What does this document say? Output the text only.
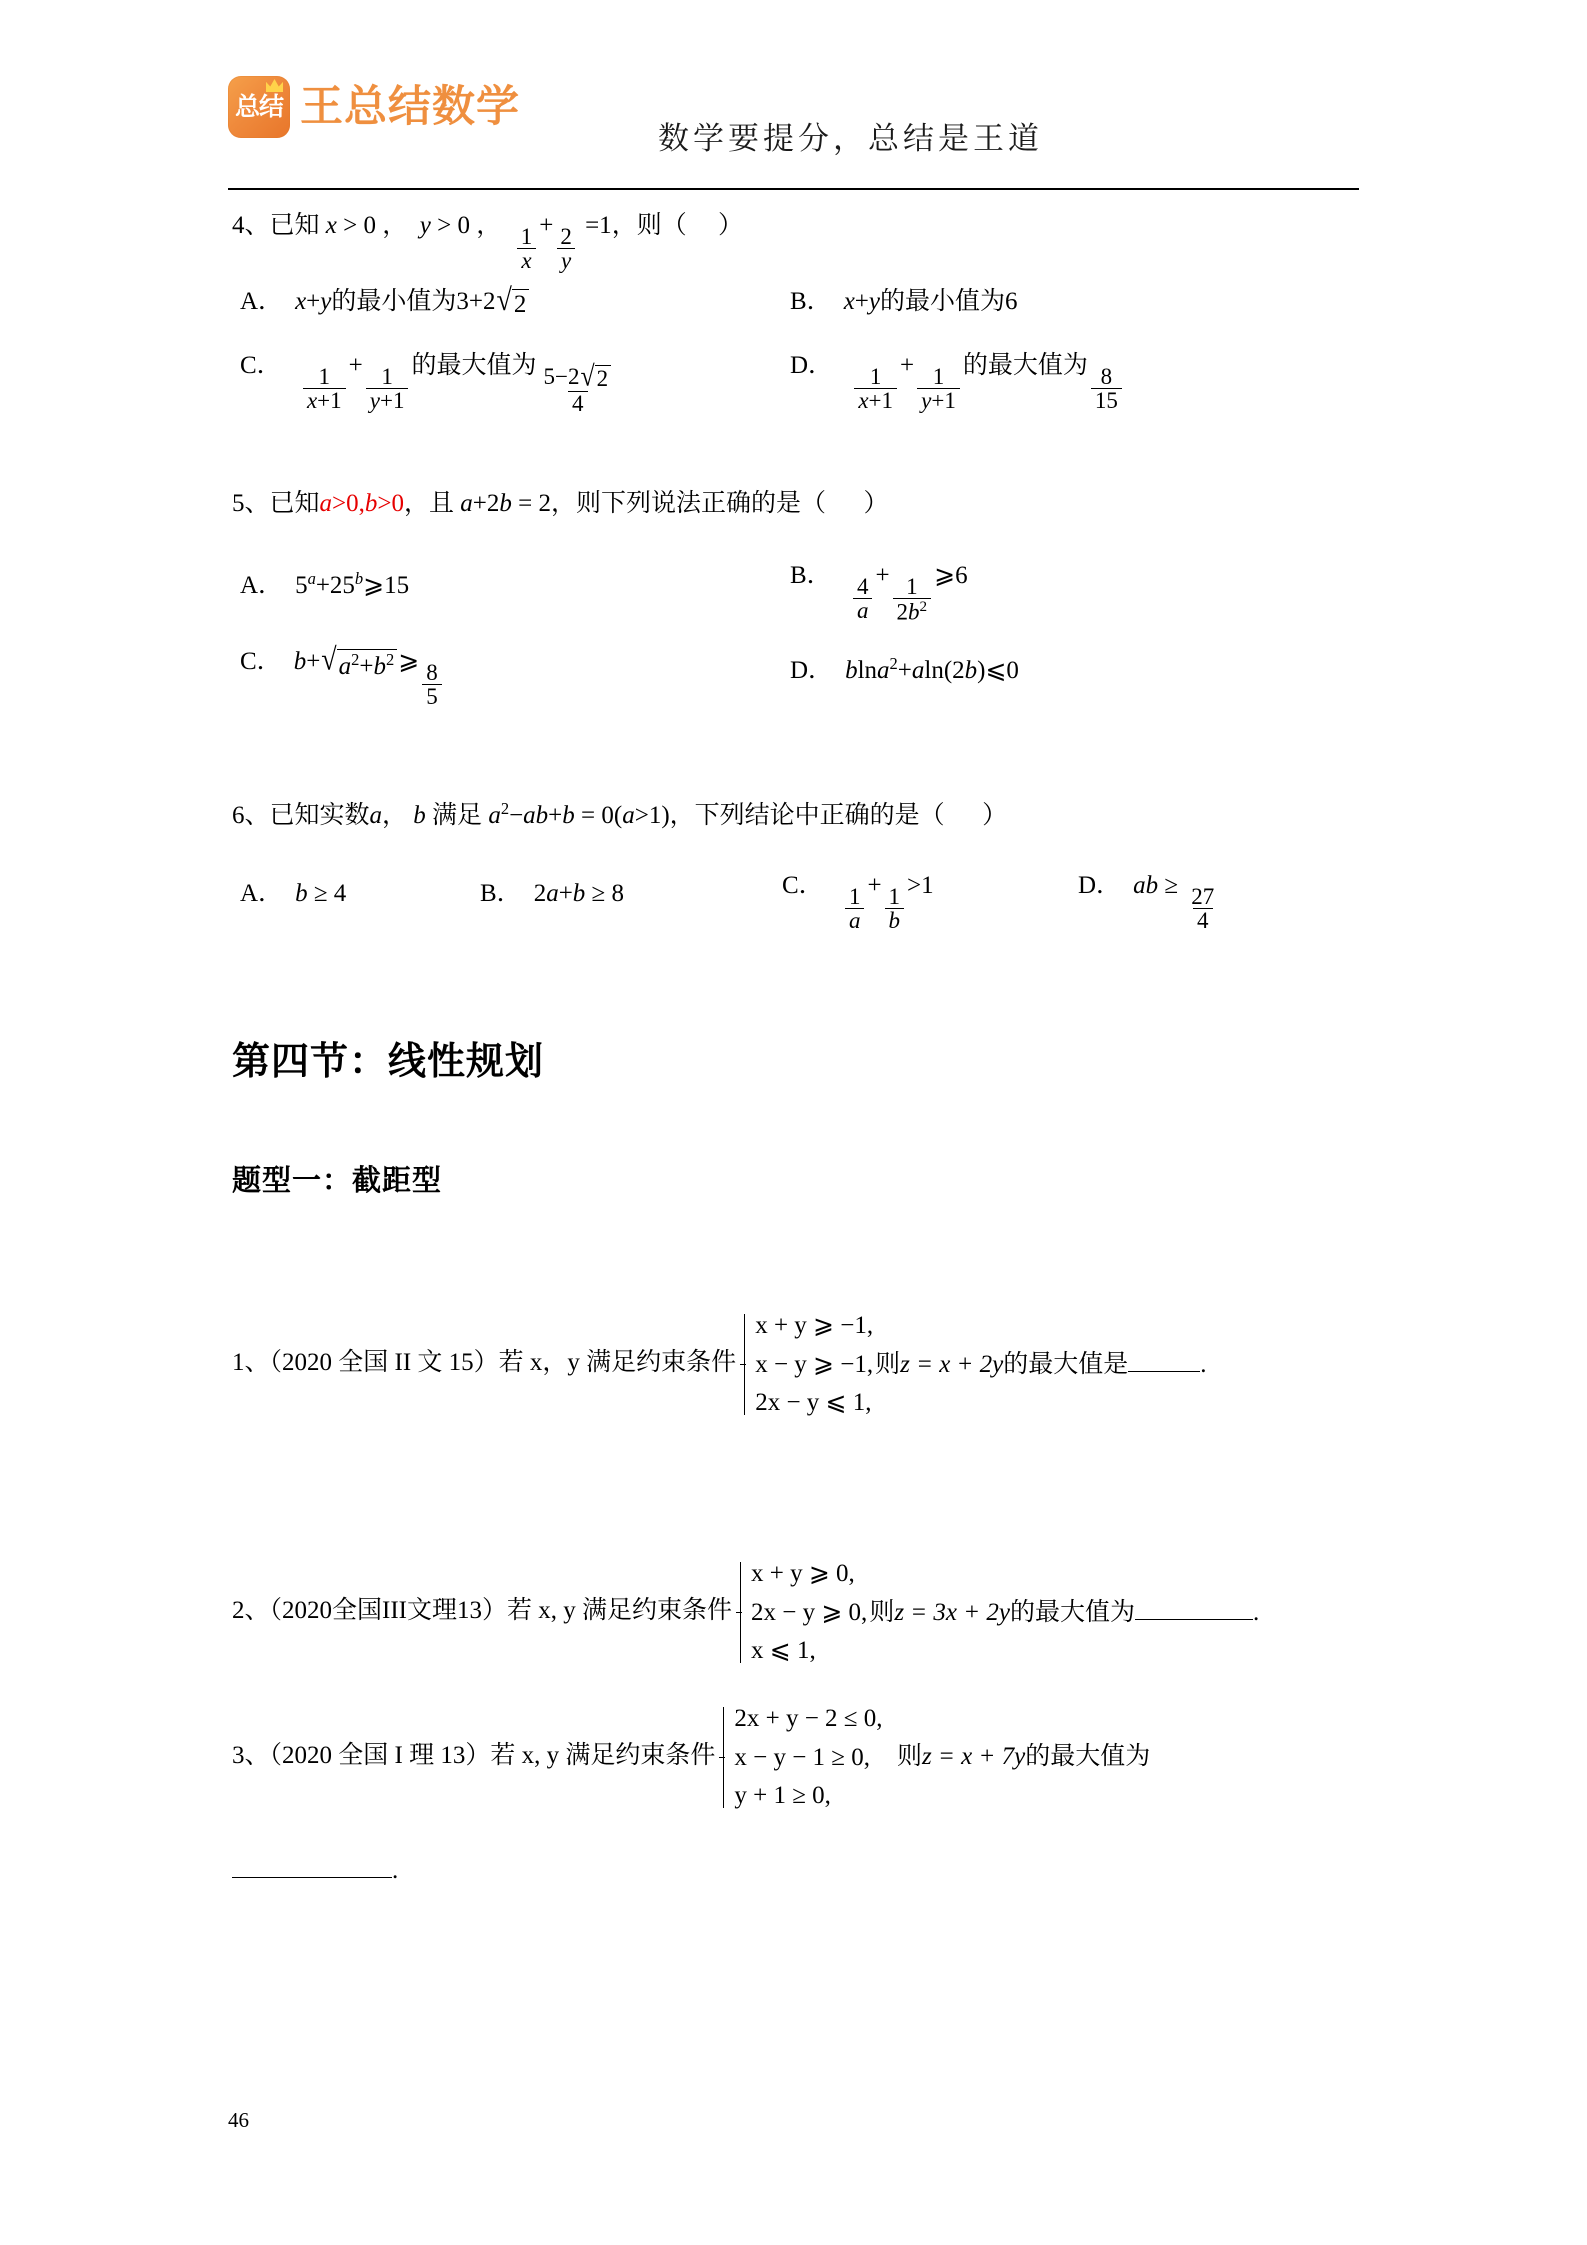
总结 王总结数学
数学要提分，总结是王道
4、已知 x > 0 ，  y > 0 ， $\frac{1}{x} + \frac{2}{y} =1$，则（     ）
A． x+y的最小值为3+2 √ 2	B． x+y的最小值为6
C． $\frac{1}{x+1} + \frac{1}{y+1}$ 的最大值为 $\frac{5-2 √ 2}{4}$	D． $\frac{1}{x+1} + \frac{1}{y+1}$ 的最大值为 $\frac{8}{15}$
5、已知a>0,b>0，且 a+2b = 2，则下列说法正确的是（      ）
A． $5^a+25^b⩾15$	B． $\frac{4}{a} + \frac{1}{2b^2}$ ⩾6
C． b+ √ $a^2+b^2$ ⩾ $\frac{8}{5}$	D． blna$^2$+aln(2b)⩽0
6、已知实数a， b 满足 $a^2-ab+b = 0(a>1)$，下列结论中正确的是（      ）
A． b ≥ 4	B． 2a+b ≥ 8	C． $\frac{1}{a} + \frac{1}{b} >1$	D． ab ≥ $\frac{27}{4}$
第四节：线性规划
题型一：截距型
1、（2020 全国 II 文 15）若 x，y 满足约束条件
x + y ⩾ −1,
x − y ⩾ −1,
2x − y ⩽ 1,
则z = x + 2y的最大值是	.
2、（2020全国III文理13）若 x, y 满足约束条件
x + y ⩾ 0,
2x − y ⩾ 0,
x ⩽ 1,
则z = 3x + 2y的最大值为	.
3、（2020 全国 I 理 13）若 x, y 满足约束条件
2x + y − 2 ≤ 0,
x − y − 1 ≥ 0,
y + 1 ≥ 0,
则z = x + 7y的最大值为
.
46
